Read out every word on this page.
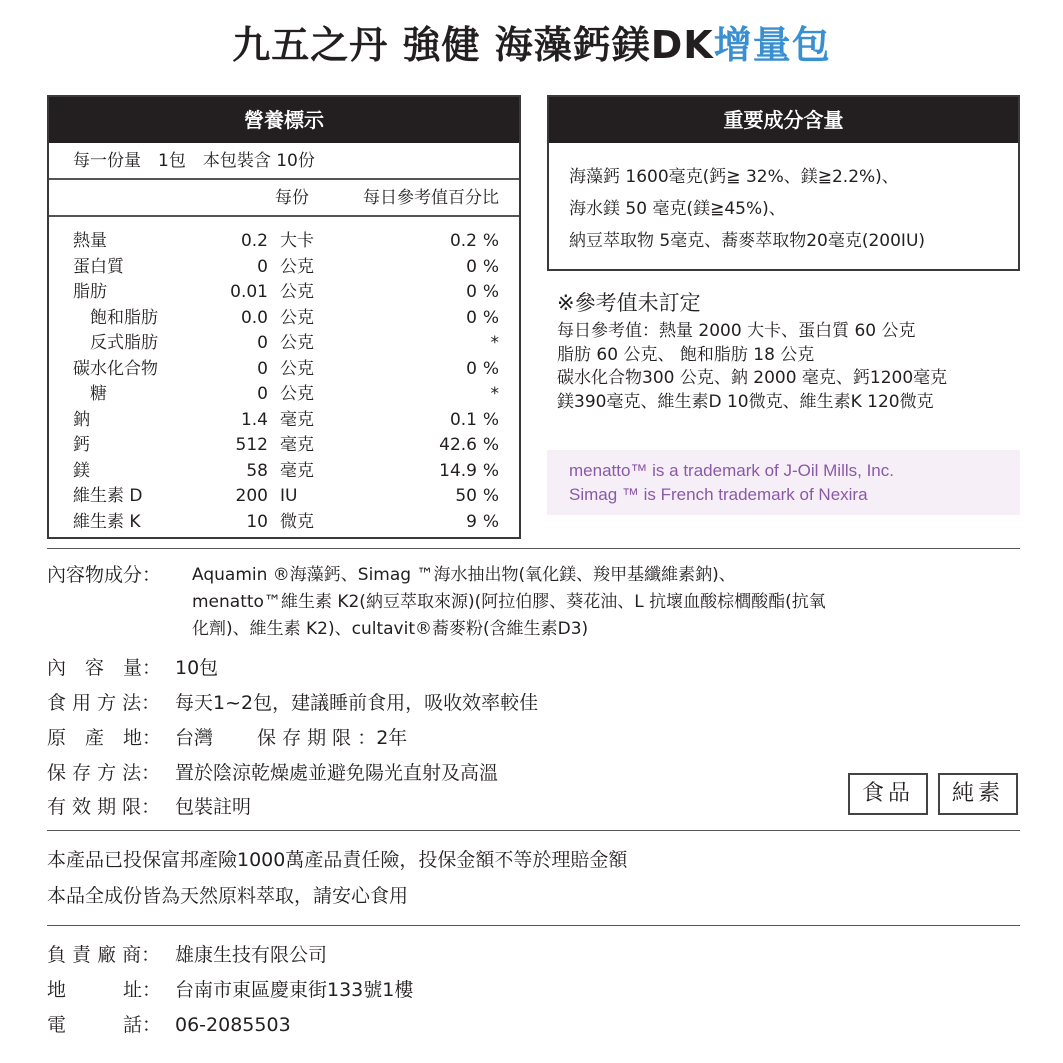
九五之丹 強健 海藻鈣鎂DK增量包
營養標示
每一份量　1包　本包裝含 10份
每份	每日參考值百分比
熱量	0.2 大卡	0.2 %
蛋白質	0 公克	0 %
脂肪	0.01 公克	0 %
飽和脂肪	0.0 公克	0 %
反式脂肪	0 公克	*
碳水化合物	0 公克	0 %
糖	0 公克	*
鈉	1.4 毫克	0.1 %
鈣	512 毫克	42.6 %
鎂	58 毫克	14.9 %
維生素 D	200 IU	50 %
維生素 K	10 微克	9 %
重要成分含量
海藻鈣 1600毫克(鈣≧ 32%、鎂≧2.2%)、
海水鎂 50 毫克(鎂≧45%)、
納豆萃取物 5毫克、蕎麥萃取物20毫克(200IU)
※參考值未訂定
每日參考值：熱量 2000 大卡、蛋白質 60 公克
脂肪 60 公克、 飽和脂肪 18 公克
碳水化合物300 公克、鈉 2000 毫克、鈣1200毫克
鎂390毫克、維生素D 10微克、維生素K 120微克
menatto™ is a trademark of J-Oil Mills, Inc.
Simag ™ is French trademark of Nexira
內容物成分： Aquamin ®海藻鈣、Simag ™海水抽出物(氧化鎂、羧甲基纖維素鈉)、
menatto™維生素 K2(納豆萃取來源)(阿拉伯膠、葵花油、L 抗壞血酸棕櫚酸酯(抗氧
化劑)、維生素 K2)、cultavit®蕎麥粉(含維生素D3)
內　容　量： 10包
食 用 方 法： 每天1~2包，建議睡前食用，吸收效率較佳
原　產　地： 台灣　　 保 存 期 限 ：2年
保 存 方 法： 置於陰涼乾燥處並避免陽光直射及高溫
有 效 期 限： 包裝註明
食品	純素
本產品已投保富邦產險1000萬產品責任險，投保金額不等於理賠金額
本品全成份皆為天然原料萃取，請安心食用
負 責 廠 商： 雄康生技有限公司
地　　　址： 台南市東區慶東街133號1樓
電　　　話： 06-2085503
